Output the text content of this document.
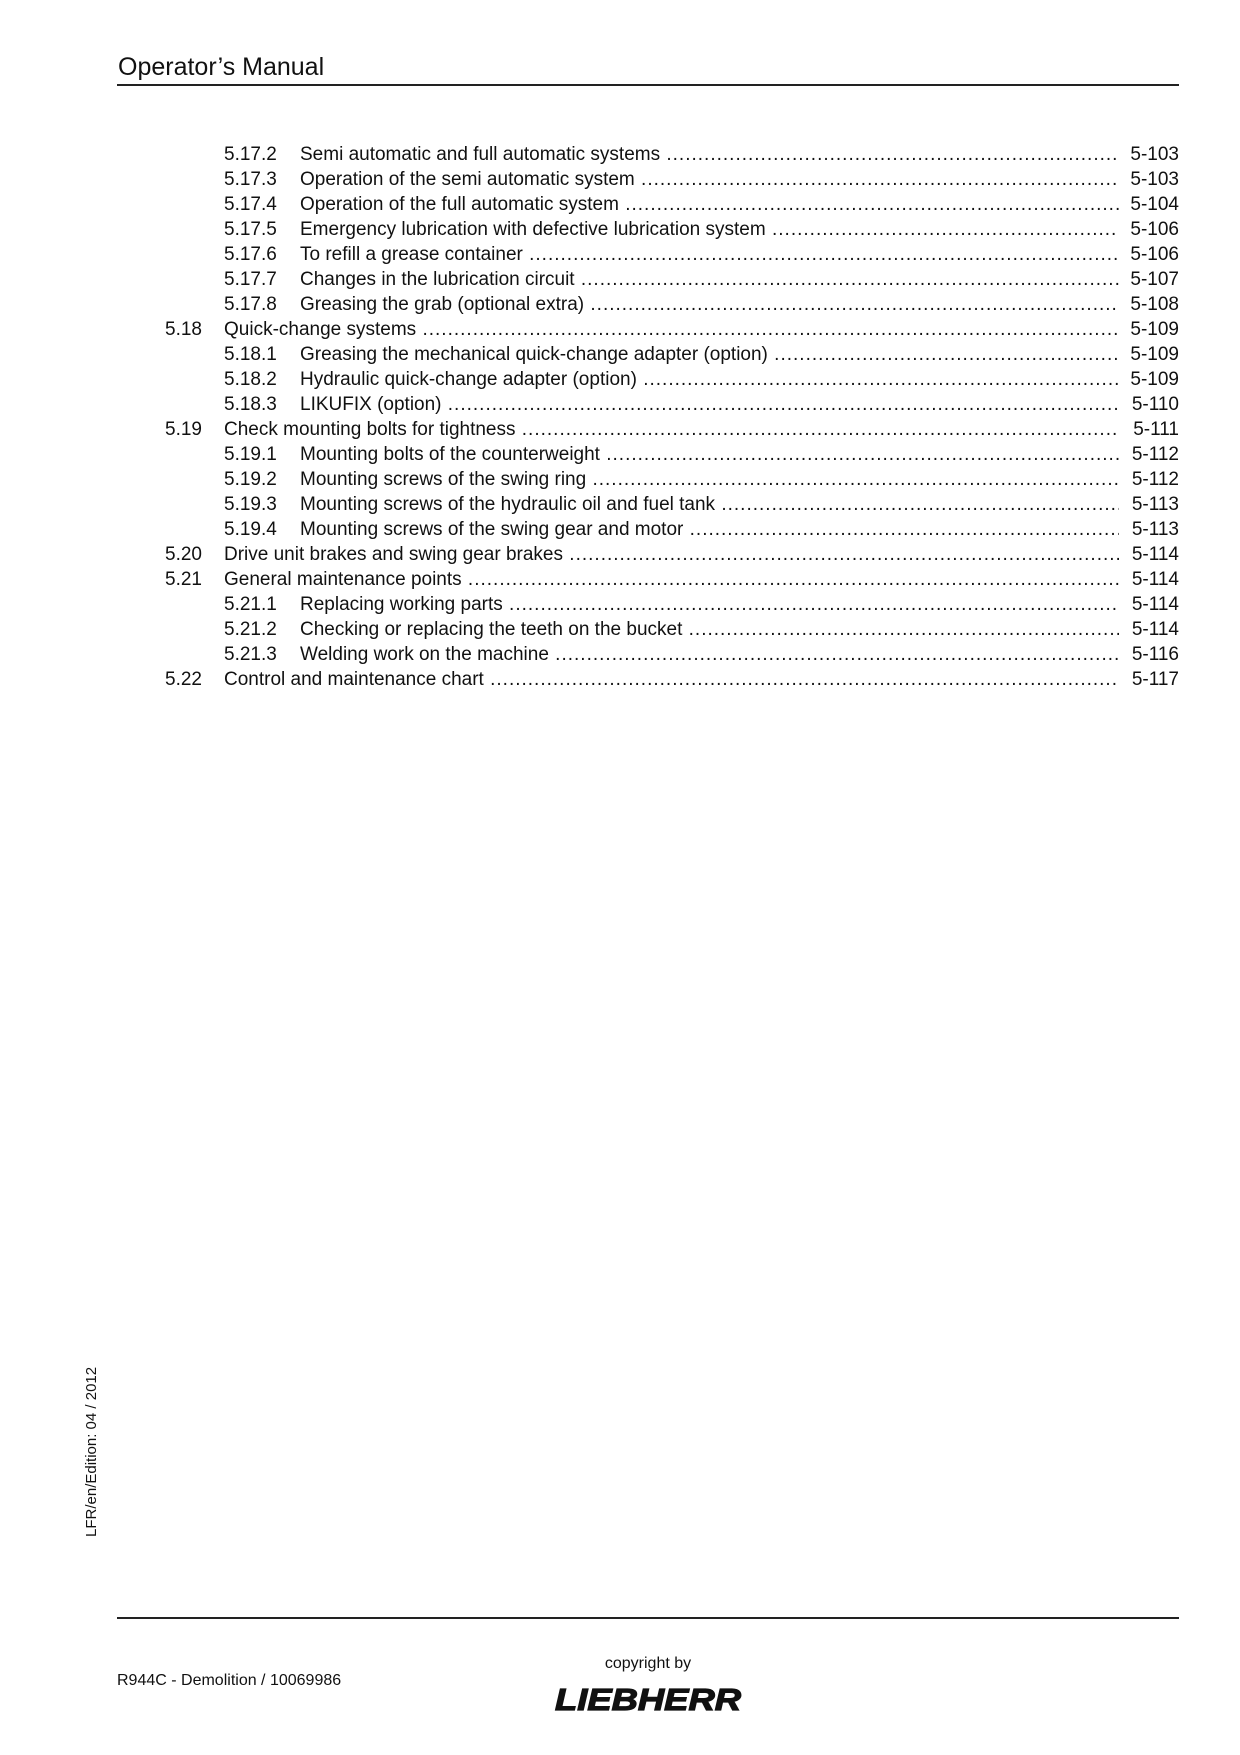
Operator’s Manual
5.17.2 Semi automatic and full automatic systems .....	5-103
5.17.3 Operation of the semi automatic system .....	5-103
5.17.4 Operation of the full automatic system .....	5-104
5.17.5 Emergency lubrication with defective lubrication system .....	5-106
5.17.6 To refill a grease container .....	5-106
5.17.7 Changes in the lubrication circuit .....	5-107
5.17.8 Greasing the grab (optional extra) .....	5-108
5.18 Quick-change systems .....	5-109
5.18.1 Greasing the mechanical quick-change adapter (option) .....	5-109
5.18.2 Hydraulic quick-change adapter (option) .....	5-109
5.18.3 LIKUFIX (option) .....	5-110
5.19 Check mounting bolts for tightness .....	5-111
5.19.1 Mounting bolts of the counterweight .....	5-112
5.19.2 Mounting screws of the swing ring .....	5-112
5.19.3 Mounting screws of the hydraulic oil and fuel tank .....	5-113
5.19.4 Mounting screws of the swing gear and motor .....	5-113
5.20 Drive unit brakes and swing gear brakes .....	5-114
5.21 General maintenance points .....	5-114
5.21.1 Replacing working parts .....	5-114
5.21.2 Checking or replacing the teeth on the bucket .....	5-114
5.21.3 Welding work on the machine .....	5-116
5.22 Control and maintenance chart .....	5-117
LFR/en/Edition: 04 / 2012
R944C - Demolition / 10069986
copyright by
LIEBHERR
